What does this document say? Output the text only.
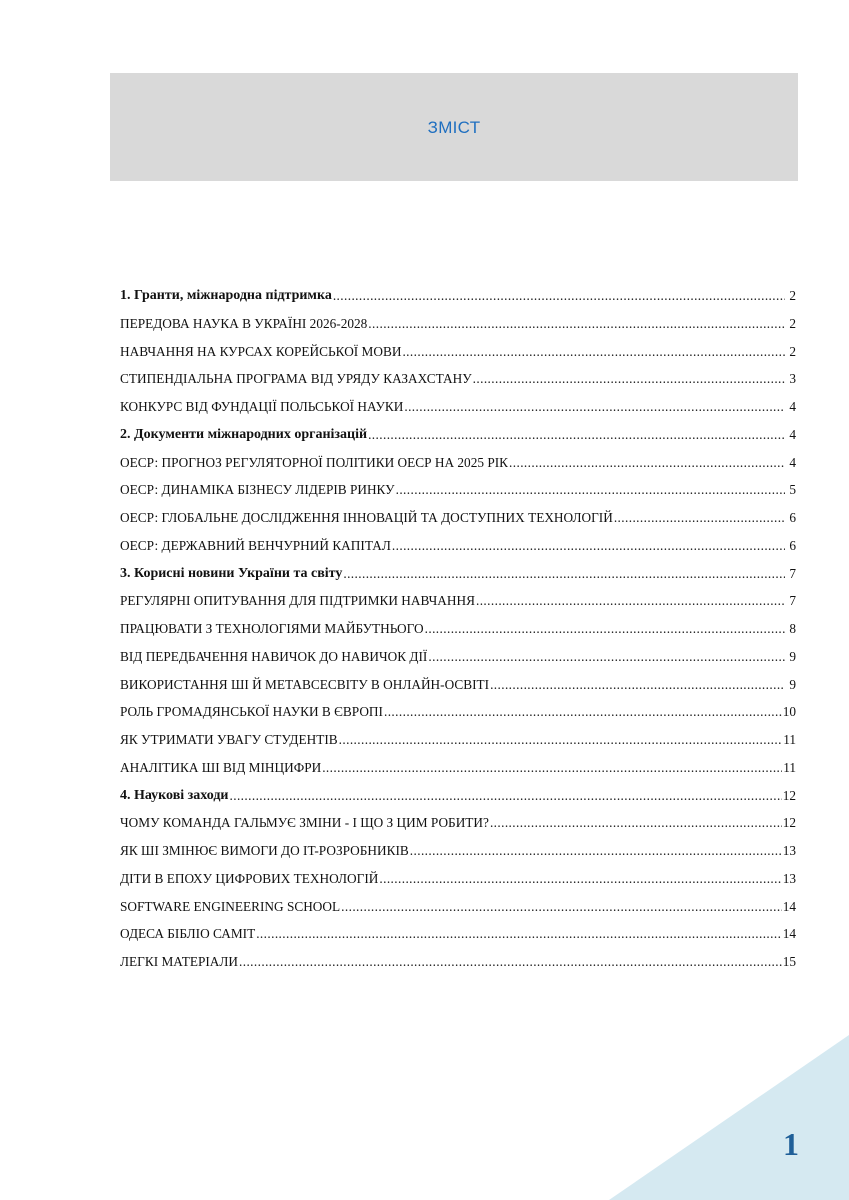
ЗМІСТ
1. Гранти, міжнародна підтримка .....	2
ПЕРЕДОВА НАУКА В УКРАЇНІ 2026-2028 .....	2
НАВЧАННЯ НА КУРСАХ КОРЕЙСЬКОЇ МОВИ .....	2
СТИПЕНДІАЛЬНА ПРОГРАМА ВІД УРЯДУ КАЗАХСТАНУ .....	3
КОНКУРС ВІД ФУНДАЦІЇ ПОЛЬСЬКОЇ НАУКИ .....	4
2. Документи міжнародних організацій .....	4
ОЕСР: ПРОГНОЗ РЕГУЛЯТОРНОЇ ПОЛІТИКИ ОЕСР НА 2025 РІК .....	4
ОЕСР: ДИНАМІКА БІЗНЕСУ ЛІДЕРІВ РИНКУ .....	5
ОЕСР: ГЛОБАЛЬНЕ ДОСЛІДЖЕННЯ ІННОВАЦІЙ ТА ДОСТУПНИХ ТЕХНОЛОГІЙ .....	6
ОЕСР: ДЕРЖАВНИЙ ВЕНЧУРНИЙ КАПІТАЛ .....	6
3. Корисні новини України та світу .....	7
РЕГУЛЯРНІ ОПИТУВАННЯ ДЛЯ ПІДТРИМКИ НАВЧАННЯ .....	7
ПРАЦЮВАТИ З ТЕХНОЛОГІЯМИ МАЙБУТНЬОГО .....	8
ВІД ПЕРЕДБАЧЕННЯ НАВИЧОК ДО НАВИЧОК ДІЇ .....	9
ВИКОРИСТАННЯ ШІ Й МЕТАВСЕСВІТУ В ОНЛАЙН-ОСВІТІ .....	9
РОЛЬ ГРОМАДЯНСЬКОЇ НАУКИ В ЄВРОПІ .....	10
ЯК УТРИМАТИ УВАГУ СТУДЕНТІВ .....	11
АНАЛІТИКА ШІ ВІД МІНЦИФРИ .....	11
4. Наукові заходи .....	12
ЧОМУ КОМАНДА ГАЛЬМУЄ ЗМІНИ - І ЩО З ЦИМ РОБИТИ? .....	12
ЯК ШІ ЗМІНЮЄ ВИМОГИ ДО IT-РОЗРОБНИКІВ .....	13
ДІТИ В ЕПОХУ ЦИФРОВИХ ТЕХНОЛОГІЙ .....	13
SOFTWARE ENGINEERING SCHOOL .....	14
ОДЕСА БІБЛІО САМІТ .....	14
ЛЕГКІ МАТЕРІАЛИ .....	15
1
